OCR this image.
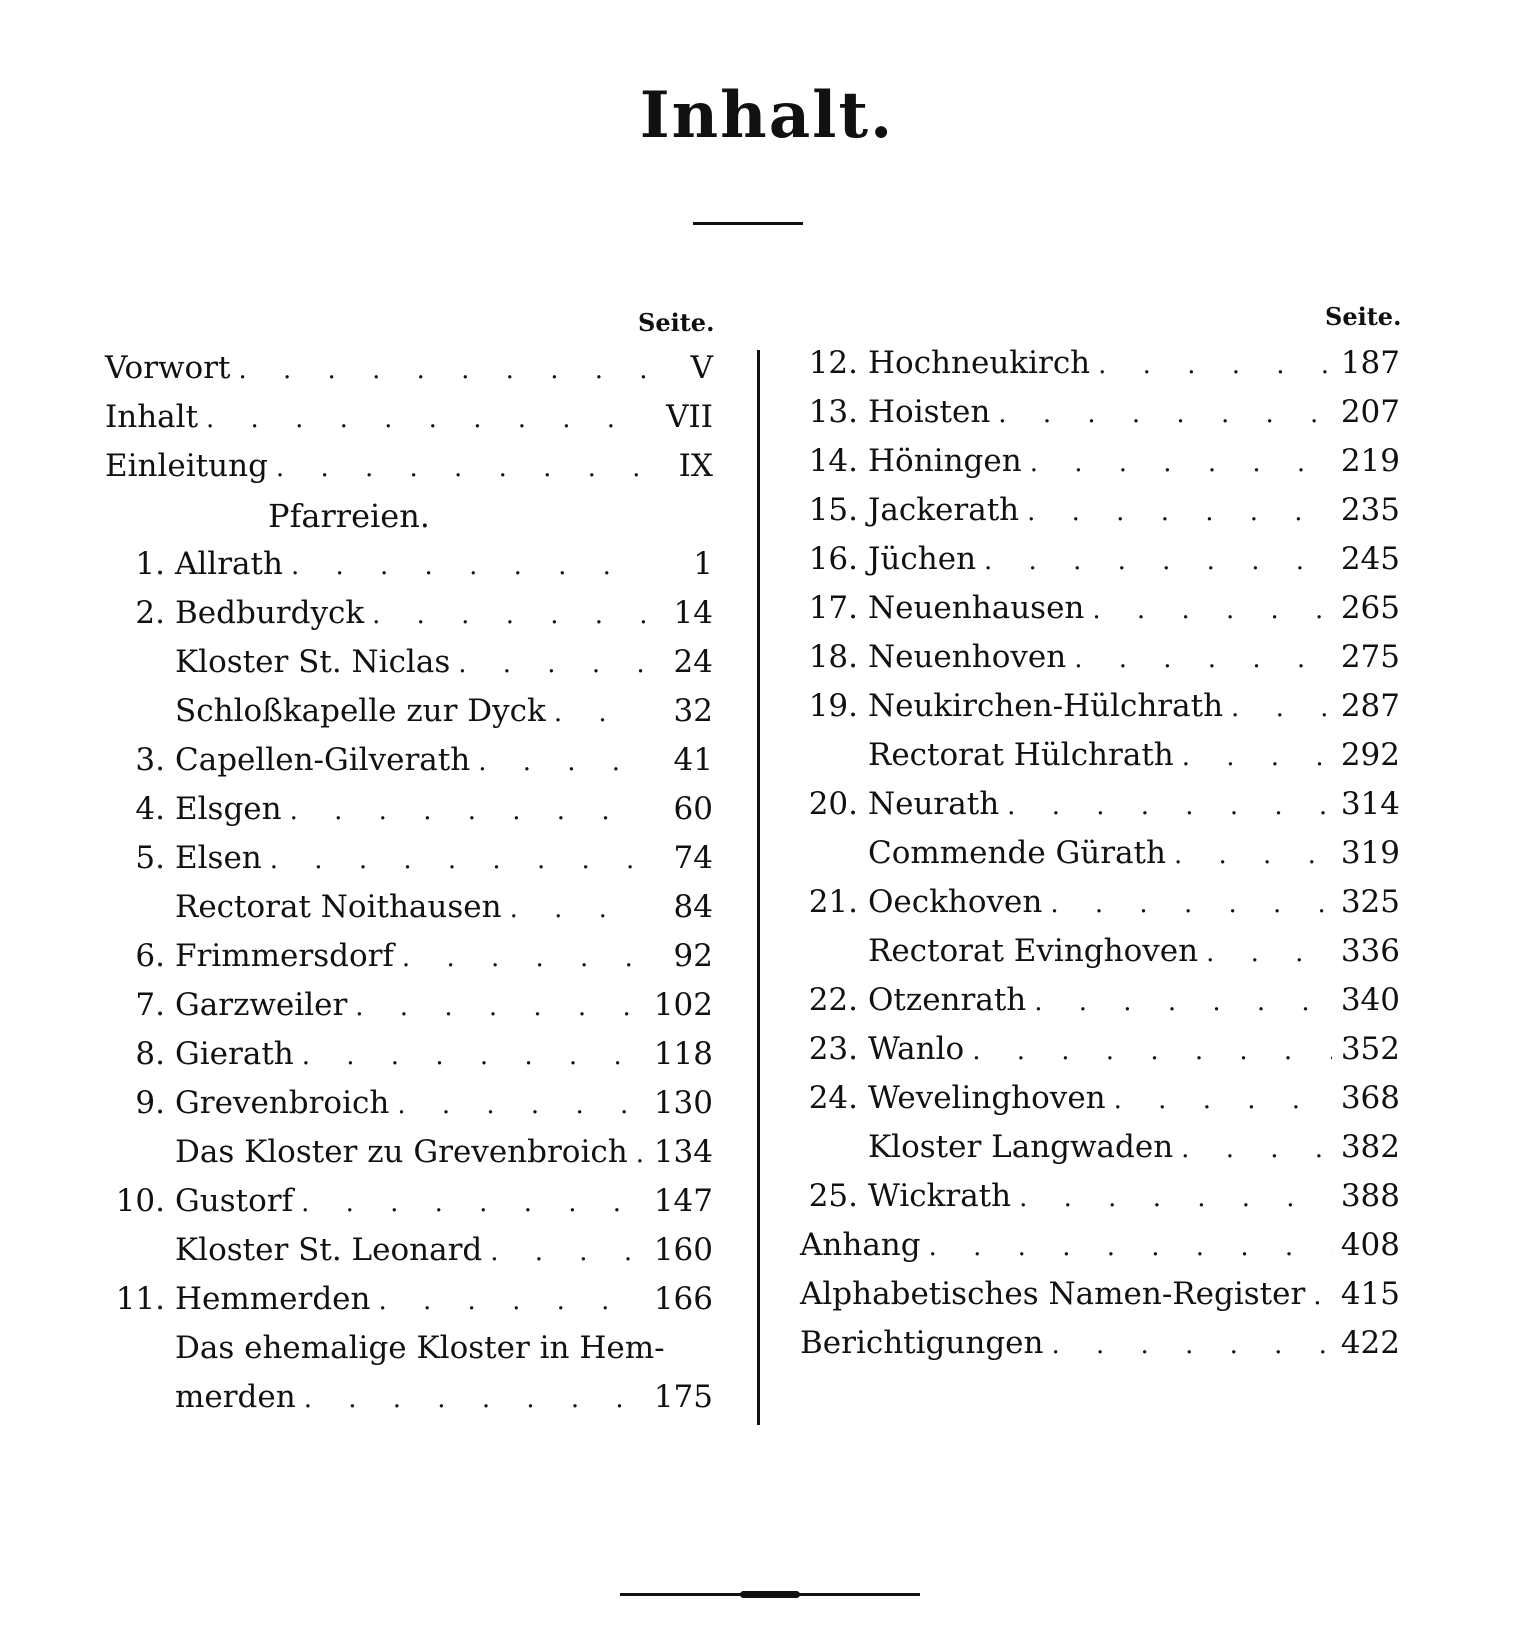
Inhalt.
Seite.	Seite.
Vorwort . . .	V
Inhalt . . .	VII
Einleitung . . .	IX
Pfarreien.
1. Allrath . . .	1
2. Bedburdyck . . .	14
Kloster St. Niclas . . .	24
Schloßkapelle zur Dyck . . .	32
3. Capellen-Gilverath . . .	41
4. Elsgen . . .	60
5. Elsen . . .	74
Rectorat Noithausen . . .	84
6. Frimmersdorf . . .	92
7. Garzweiler . . .	102
8. Gierath . . .	118
9. Grevenbroich . . .	130
Das Kloster zu Grevenbroich . . . 134
10. Gustorf . . .	147
Kloster St. Leonard . . .	160
11. Hemmerden . . .	166
Das ehemalige Kloster in Hem-
merden . . .	175
12. Hochneukirch . . .	187
13. Hoisten . . .	207
14. Höningen . . .	219
15. Jackerath . . .	235
16. Jüchen . . .	245
17. Neuenhausen . . .	265
18. Neuenhoven . . .	275
19. Neukirchen-Hülchrath . . .	287
Rectorat Hülchrath . . .	292
20. Neurath . . .	314
Commende Gürath . . .	319
21. Oeckhoven . . .	325
Rectorat Evinghoven . . .	336
22. Otzenrath . . .	340
23. Wanlo . . .	352
24. Wevelinghoven . . .	368
Kloster Langwaden . . .	382
25. Wickrath . . .	388
Anhang . . .	408
Alphabetisches Namen-Register . . . 415
Berichtigungen . . .	422
